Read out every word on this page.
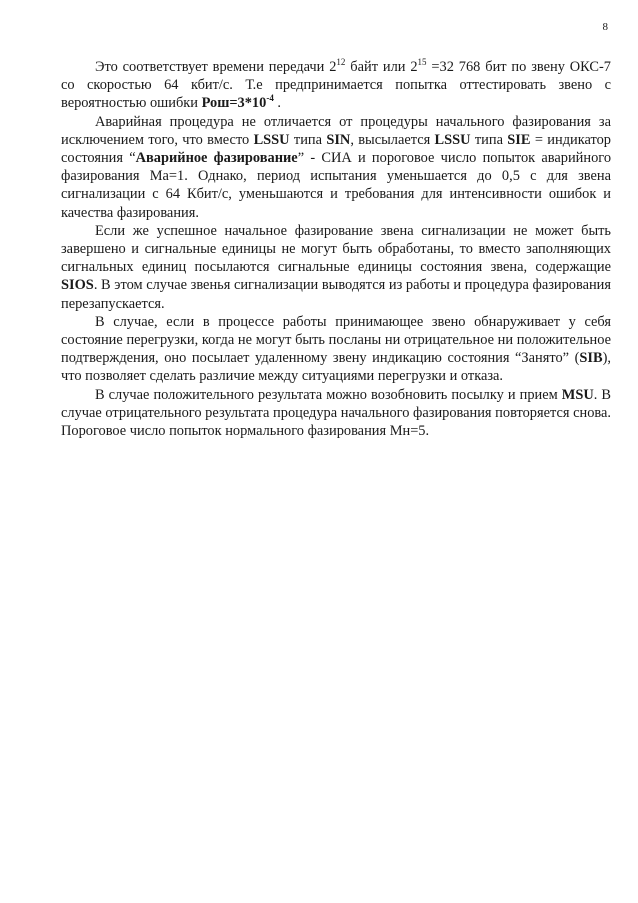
8

Это соответствует времени передачи $2^{12}$ байт или $2^{15} =32$ 768 бит по звену ОКС-7 со скоростью 64 кбит/с. Т.е предпринимается попытка оттестировать звено с вероятностью ошибки $Рош=3*10^{-4}$ .

Аварийная процедура не отличается от процедуры начального фазирования за исключением того, что вместо LSSU типа SIN, высылается LSSU типа SIE = индикатор состояния “Аварийное фазирование” - СИА и пороговое число попыток аварийного фазирования Ма=1. Однако, период испытания уменьшается до 0,5 с для звена сигнализации с 64 Кбит/с, уменьшаются и требования для интенсивности ошибок и качества фазирования.

Если же успешное начальное фазирование звена сигнализации не может быть завершено и сигнальные единицы не могут быть обработаны, то вместо заполняющих сигнальных единиц посылаются сигнальные единицы состояния звена, содержащие SIOS. В этом случае звенья сигнализации выводятся из работы и процедура фазирования перезапускается.

В случае, если в процессе работы принимающее звено обнаруживает у себя состояние перегрузки, когда не могут быть посланы ни отрицательное ни положительное подтверждения, оно посылает удаленному звену индикацию состояния “Занято” (SIB), что позволяет сделать различие между ситуациями перегрузки и отказа.

В случае положительного результата можно возобновить посылку и прием MSU. В случае отрицательного результата процедура начального фазирования повторяется снова. Пороговое число попыток нормального фазирования Мн=5.
